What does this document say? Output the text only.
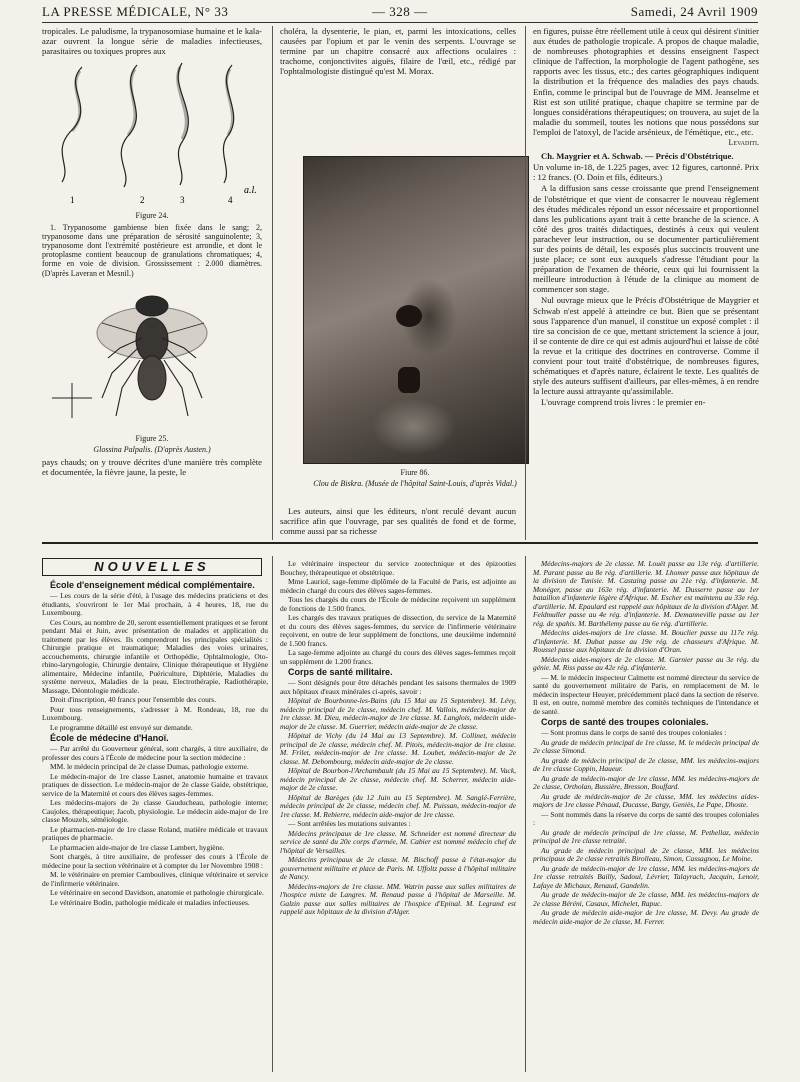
LA PRESSE MÉDICALE, N° 33	— 328 —	Samedi, 24 Avril 1909

tropicales. Le paludisme, la trypanosomiase humaine et le kala-azar ouvrent la longue série de maladies infectieuses, parasitaires ou toxiques propres aux

1	2	3	4
a.l.
Figure 24.
1. Trypanosome gambiense bien fixée dans le sang; 2, trypanosome dans une préparation de sérosité sanguinolente; 3, trypanosome dont l'extrémité postérieure est arrondie, et dont le protoplasme contient beaucoup de granulations chromatiques; 4, forme en voie de division. Grossissement : 2.000 diamètres. (D'après Laveran et Mesnil.)
Figure 25.
Glossina Palpalis. (D'après Austen.)

pays chauds; on y trouve décrites d'une manière très complète et documentée, la fièvre jaune, la peste, le

choléra, la dysenterie, le pian, et, parmi les intoxications, celles causées par l'opium et par le venin des serpents. L'ouvrage se termine par un chapitre consacré aux affections oculaires : trachome, conjonctivites aiguës, filaire de l'œil, etc., rédigé par l'ophtalmologiste distingué qu'est M. Morax.

Fiure 86.
Clou de Biskra. (Musée de l'hôpital Saint-Louis, d'après Vidal.)

Les auteurs, ainsi que les éditeurs, n'ont reculé devant aucun sacrifice afin que l'ouvrage, par ses qualités de fond et de forme, comme aussi par sa richesse

en figures, puisse être réellement utile à ceux qui désirent s'initier aux études de pathologie tropicale. A propos de chaque maladie, de nombreuses photographies et dessins enseignent l'aspect clinique de l'affection, la morphologie de l'agent pathogène, ses rapports avec les tissus, etc.; des cartes géographiques indiquent la distribution et la fréquence des maladies des pays chauds. Enfin, comme le principal but de l'ouvrage de MM. Jeanselme et Rist est son utilité pratique, chaque chapitre se termine par de longues considérations thérapeutiques; on trouvera, au sujet de la maladie du sommeil, toutes les notions que nous possédons sur l'emploi de l'atoxyl, de l'acide arsénieux, de l'émétique, etc., etc.

Levaditi.

Ch. Maygrier et A. Schwab. — Précis d'Obstétrique.

Un volume in-18, de 1.225 pages, avec 12 figures, cartonné. Prix : 12 francs. (O. Doin et fils, éditeurs.)

A la diffusion sans cesse croissante que prend l'enseignement de l'obstétrique et que vient de consacrer le nouveau règlement des études médicales répond un essor nécessaire et proportionnel dans les publications ayant trait à cette branche de la science. A côté des gros traités didactiques, destinés à ceux qui veulent parachever leur instruction, ou se documenter particulièrement sur des points de détail, les exposés plus succincts trouvent une juste place; ce sont eux auxquels s'adresse l'étudiant pour la préparation de l'examen de théorie, ceux qui lui fournissent la meilleure introduction à l'étude de la clinique au moment de commencer son stage.

Nul ouvrage mieux que le Précis d'Obstétrique de Maygrier et Schwab n'est appelé à atteindre ce but. Bien que se présentant sous l'apparence d'un manuel, il constitue un exposé complet : il tire sa concision de ce que, mettant strictement la science à jour, il se contente de dire ce qui est admis aujourd'hui et laisse de côté la revue et la critique des doctrines en controverse. Comme il convient pour tout traité d'obstétrique, de nombreuses figures, schématiques et d'après nature, éclairent le texte. Les qualités de style des auteurs suffisent d'ailleurs, par elles-mêmes, à en rendre la lecture aussi attrayante qu'assimilable.

L'ouvrage comprend trois livres : le premier en-

NOUVELLES

École d'enseignement médical complémentaire.

— Les cours de la série d'été, à l'usage des médecins praticiens et des étudiants, s'ouvriront le 1er Mai prochain, à 4 heures, 18, rue du Luxembourg.

Ces Cours, au nombre de 20, seront essentiellement pratiques et se feront pendant Mai et Juin, avec présentation de malades et application du traitement par les élèves. Ils comprendront les principales spécialités : Chirurgie pratique et traumatique; Maladies des voies urinaires, accouchements, chirurgie infantile et Orthopédie, Ophtalmologie, Oto-rhino-laryngologie, Chirurgie dentaire, Clinique thérapeutique et Hygiène alimentaire, Médecine infantile, Puériculture, Diphtérie, Maladies du système nerveux, Maladies de la peau, Electrothérapie, Radiothérapie, Massage, Déontologie médicale.

Droit d'inscription, 40 francs pour l'ensemble des cours.

Pour tous renseignements, s'adresser à M. Rondeau, 18, rue du Luxembourg.

Le programme détaillé est envoyé sur demande.

École de médecine d'Hanoï.

— Par arrêté du Gouverneur général, sont chargés, à titre auxiliaire, de professer des cours à l'École de médecine pour la section médecine :

MM. le médecin principal de 2e classe Dumas, pathologie externe.

Le médecin-major de 1re classe Lasnet, anatomie humaine et travaux pratiques de dissection. Le médecin-major de 2e classe Gaide, obstétrique, service de la Maternité et cours des élèves sages-femmes.

Les médecins-majors de 2e classe Gauducheau, pathologie interne; Caujoles, thérapeutique; Jacob, physiologie. Le médecin aide-major de 1re classe Mouzels, séméiologie.

Le pharmacien-major de 1re classe Roland, matière médicale et travaux pratiques de pharmacie.

Le pharmacien aide-major de 1re classe Lambert, hygiène.

Sont chargés, à titre auxiliaire, de professer des cours à l'École de médecine pour la section vétérinaire et à compter du 1er Novembre 1908 :

M. le vétérinaire en premier Camboulives, clinique vétérinaire et service de l'infirmerie vétérinaire.

Le vétérinaire en second Davidson, anatomie et pathologie chirurgicale.

Le vétérinaire Bodin, pathologie médicale et maladies infectieuses.

Le vétérinaire inspecteur du service zootechnique et des épizooties Bouchey, thérapeutique et obstétrique.

Mme Lauriol, sage-femme diplômée de la Faculté de Paris, est adjointe au médecin chargé du cours des élèves sages-femmes.

Tous les chargés du cours de l'École de médecine reçoivent un supplément de fonctions de 1.500 francs.

Les chargés des travaux pratiques de dissection, du service de la Maternité et du cours des élèves sages-femmes, du service de l'infirmerie vétérinaire reçoivent, en outre de leur supplément de fonctions, une deuxième indemnité de 1.500 francs.

La sage-femme adjointe au chargé du cours des élèves sages-femmes reçoit un supplément de 1.200 francs.

Corps de santé militaire.

— Sont désignés pour être détachés pendant les saisons thermales de 1909 aux hôpitaux d'eaux minérales ci-après, savoir :

Hôpital de Bourbonne-les-Bains (du 15 Mai au 15 Septembre). M. Lévy, médecin principal de 2e classe, médecin chef. M. Vallois, médecin-major de 1re classe. M. Dieu, médecin-major de 1re classe. M. Langlois, médecin aide-major de 2e classe. M. Guerrier, médecin aide-major de 2e classe.

Hôpital de Vichy (du 14 Mai au 13 Septembre). M. Collinet, médecin principal de 2e classe, médecin chef. M. Pitois, médecin-major de 1re classe. M. Frilet, médecin-major de 1re classe. M. Loubet, médecin-major de 2e classe. M. Debombourg, médecin aide-major de 2e classe.

Hôpital de Bourbon-l'Archambault (du 15 Mai au 15 Septembre). M. Vack, médecin principal de 2e classe, médecin chef. M. Scherrer, médecin aide-major de 2e classe.

Hôpital de Barèges (du 12 Juin au 15 Septembre). M. Sanglé-Ferrière, médecin principal de 2e classe, médecin chef. M. Puissan, médecin-major de 1re classe. M. Rebierre, médecin aide-major de 1re classe.

— Sont arrêtées les mutations suivantes :

Médecins principaux de 1re classe. M. Schneider est nommé directeur du service de santé du 20e corps d'armée, M. Cabier est nommé médecin chef de l'hôpital de Versailles.

Médecins principaux de 2e classe. M. Bischoff passe à l'état-major du gouvernement militaire et place de Paris. M. Uffoltz passe à l'hôpital militaire de Nancy.

Médecins-majors de 1re classe. MM. Watrin passe aux salles militaires de l'hospice mixte de Langres. M. Renaud passe à l'hôpital de Marseille. M. Galzin passe aux salles militaires de l'hospice d'Epinal. M. Legrand est rappelé aux hôpitaux de la division d'Alger.

Médecins-majors de 2e classe. M. Louët passe au 13e rég. d'artillerie. M. Parant passe au 8e rég. d'artillerie. M. Lhomer passe aux hôpitaux de la division de Tunisie. M. Castaing passe au 21e rég. d'infanterie. M. Monéger, passe au 163e rég. d'infanterie. M. Dusserre passe au 1er bataillon d'infanterie légère d'Afrique. M. Escher est maintenu au 33e rég. d'artillerie. M. Epaulard est rappelé aux hôpitaux de la division d'Alger. M. Feldmuller passe au 4e rég. d'infanterie. M. Demanneville passe au 1er rég. de spahis. M. Barthélemy passe au 6e rég. d'artillerie.

Médecins aides-majors de 1re classe. M. Bouclier passe au 117e rég. d'infanterie. M. Dubat passe au 19e rég. de chasseurs d'Afrique. M. Roussel passe aux hôpitaux de la division d'Oran.

Médecins aides-majors de 2e classe. M. Garnier passe au 3e rég. du génie. M. Riss passe au 42e rég. d'infanterie.

— M. le médecin inspecteur Calmette est nommé directeur du service de santé du gouvernement militaire de Paris, en remplacement de M. le médecin inspecteur Heuyer, précédemment placé dans la section de réserve. Il est, en outre, nommé membre des comités techniques de l'intendance et de santé.

Corps de santé des troupes coloniales.

— Sont promus dans le corps de santé des troupes coloniales :

Au grade de médecin principal de 1re classe, M. le médecin principal de 2e classe Simond.

Au grade de médecin principal de 2e classe, MM. les médecins-majors de 1re classe Coppin, Haueur.

Au grade de médecin-major de 1re classe, MM. les médecins-majors de 2e classe, Ortholan, Bussière, Bresson, Bouffard.

Au grade de médecin-major de 2e classe, MM. les médecins aides-majors de 1re classe Pénaud, Ducasse, Bargy, Geniès, Le Pape, Dhoste.

— Sont nommés dans la réserve du corps de santé des troupes coloniales :

Au grade de médecin principal de 1re classe, M. Pethellaz, médecin principal de 1re classe retraité.

Au grade de médecin principal de 2e classe, MM. les médecins principaux de 2e classe retraités Birolleau, Simon, Cassagnou, Le Moine.

Au grade de médecin-major de 1re classe, MM. les médecins-majors de 1re classe retraités Bailly, Sadoul, Lévrier, Talayrach, Jacquin, Lenoir, Lafaye de Michaux, Renaud, Gandelin.

Au grade de médecin-major de 2e classe, MM. les médecins-majors de 2e classe Béréni, Casaux, Michelet, Rapuc.

Au grade de médecin aide-major de 1re classe, M. Devy. Au grade de médecin aide-major de 2e classe, M. Ferrer.
